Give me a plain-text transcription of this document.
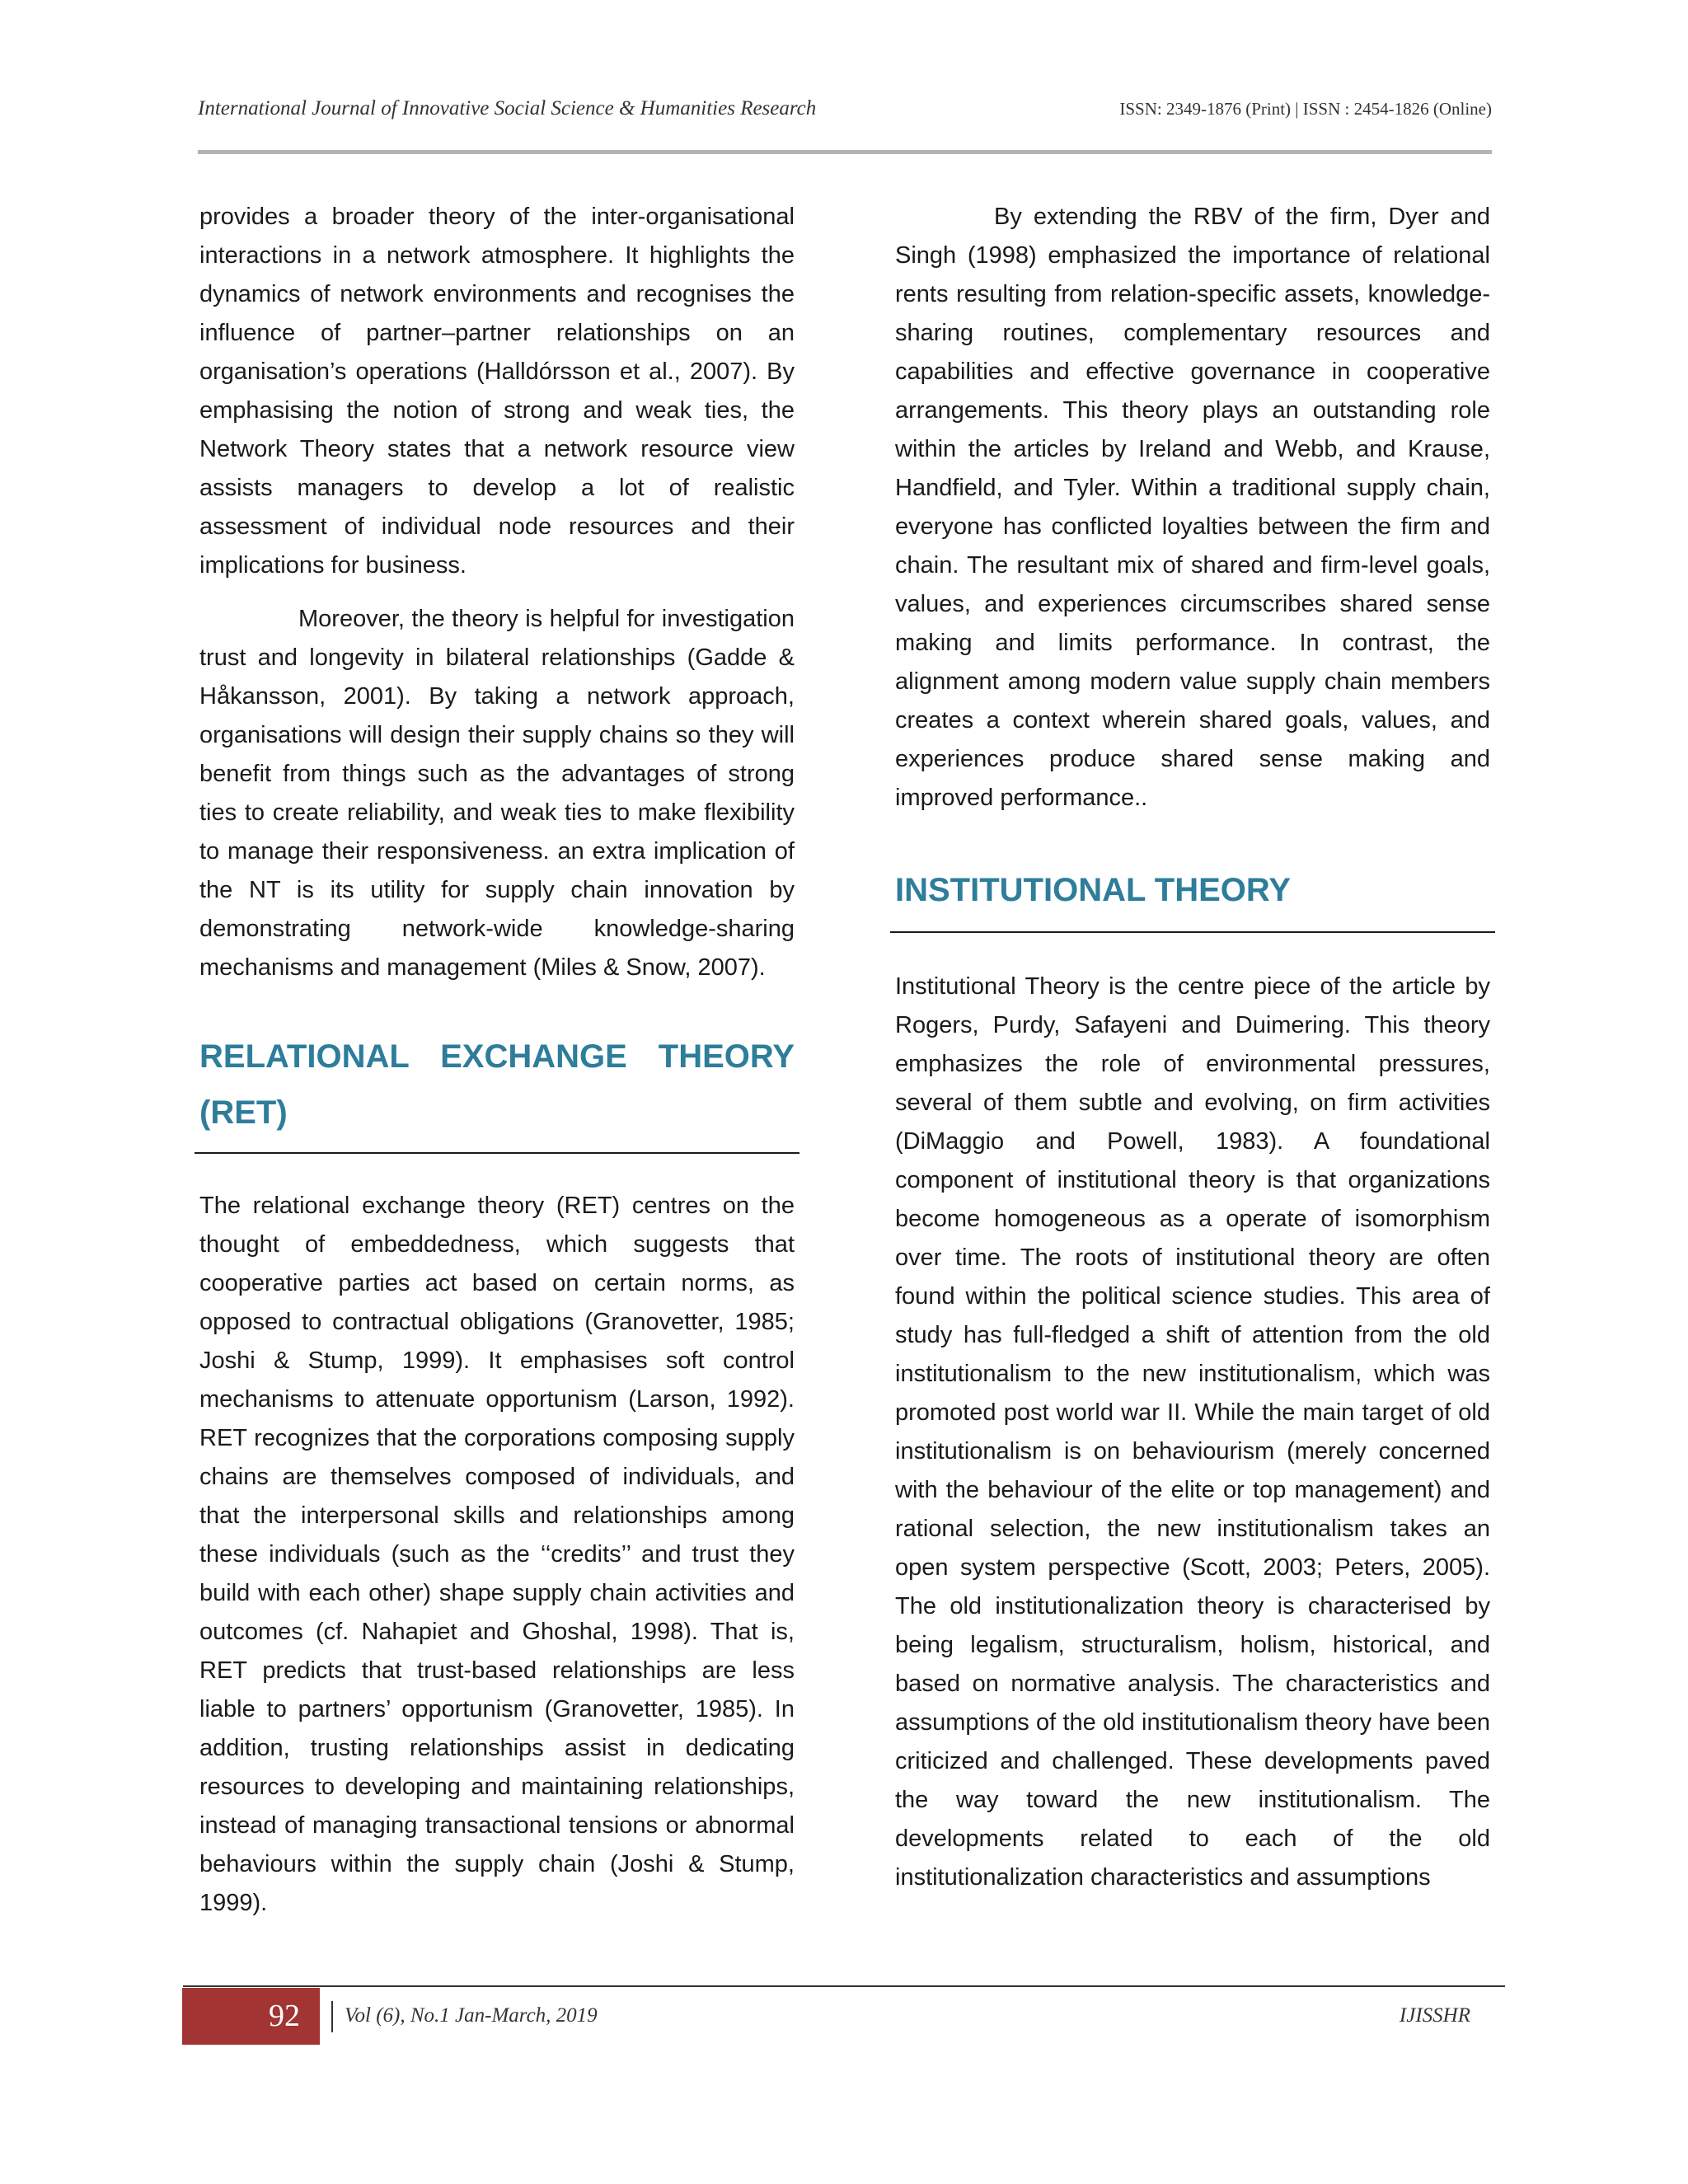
International Journal of Innovative Social Science & Humanities Research	ISSN: 2349-1876 (Print) | ISSN : 2454-1826 (Online)

provides a broader theory of the inter-organisational interactions in a network atmosphere. It highlights the dynamics of network environments and recognises the influence of partner–partner relationships on an organisation’s operations (Halldórsson et al., 2007). By emphasising the notion of strong and weak ties, the Network Theory states that a network resource view assists managers to develop a lot of realistic assessment of individual node resources and their implications for business.

Moreover, the theory is helpful for investigation trust and longevity in bilateral relationships (Gadde & Håkansson, 2001). By taking a network approach, organisations will design their supply chains so they will benefit from things such as the advantages of strong ties to create reliability, and weak ties to make flexibility to manage their responsiveness. an extra implication of the NT is its utility for supply chain innovation by demonstrating network-wide knowledge-sharing mechanisms and management (Miles & Snow, 2007).

RELATIONAL EXCHANGE THEORY (RET)

The relational exchange theory (RET) centres on the thought of embeddedness, which suggests that cooperative parties act based on certain norms, as opposed to contractual obligations (Granovetter, 1985; Joshi & Stump, 1999). It emphasises soft control mechanisms to attenuate opportunism (Larson, 1992). RET recognizes that the corporations composing supply chains are themselves composed of individuals, and that the interpersonal skills and relationships among these individuals (such as the ‘‘credits’’ and trust they build with each other) shape supply chain activities and outcomes (cf. Nahapiet and Ghoshal, 1998). That is, RET predicts that trust-based relationships are less liable to partners’ opportunism (Granovetter, 1985). In addition, trusting relationships assist in dedicating resources to developing and maintaining relationships, instead of managing transactional tensions or abnormal behaviours within the supply chain (Joshi & Stump, 1999).

By extending the RBV of the firm, Dyer and Singh (1998) emphasized the importance of relational rents resulting from relation-specific assets, knowledge-sharing routines, complementary resources and capabilities and effective governance in cooperative arrangements. This theory plays an outstanding role within the articles by Ireland and Webb, and Krause, Handfield, and Tyler. Within a traditional supply chain, everyone has conflicted loyalties between the firm and chain. The resultant mix of shared and firm-level goals, values, and experiences circumscribes shared sense making and limits performance. In contrast, the alignment among modern value supply chain members creates a context wherein shared goals, values, and experiences produce shared sense making and improved performance..

INSTITUTIONAL THEORY

Institutional Theory is the centre piece of the article by Rogers, Purdy, Safayeni and Duimering. This theory emphasizes the role of environmental pressures, several of them subtle and evolving, on firm activities (DiMaggio and Powell, 1983). A foundational component of institutional theory is that organizations become homogeneous as a operate of isomorphism over time. The roots of institutional theory are often found within the political science studies. This area of study has full-fledged a shift of attention from the old institutionalism to the new institutionalism, which was promoted post world war II. While the main target of old institutionalism is on behaviourism (merely concerned with the behaviour of the elite or top management) and rational selection, the new institutionalism takes an open system perspective (Scott, 2003; Peters, 2005). The old institutionalization theory is characterised by being legalism, structuralism, holism, historical, and based on normative analysis. The characteristics and assumptions of the old institutionalism theory have been criticized and challenged. These developments paved the way toward the new institutionalism. The developments related to each of the old institutionalization characteristics and assumptions

92	Vol (6), No.1 Jan-March, 2019	IJISSHR
